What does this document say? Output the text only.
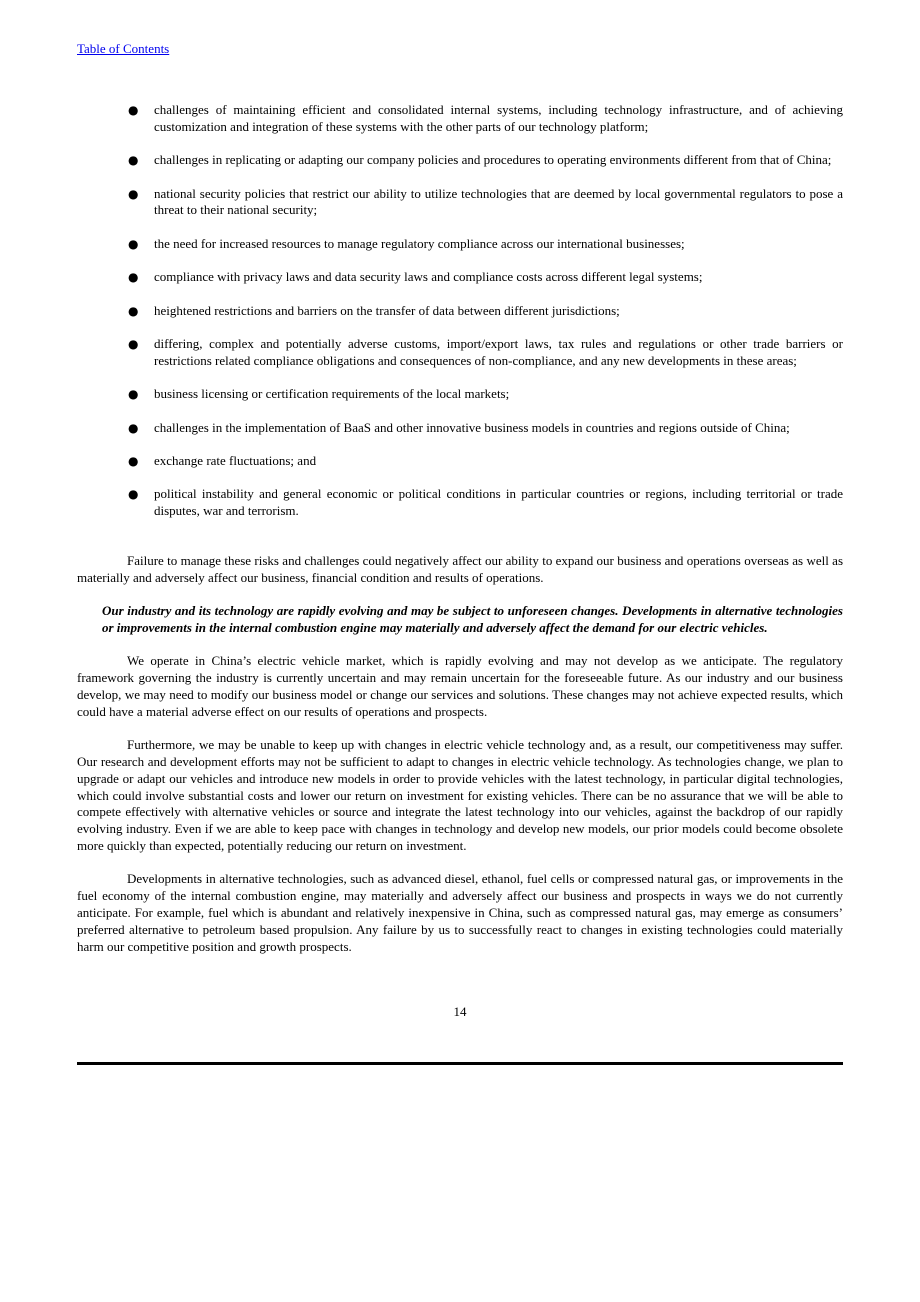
Table of Contents
● challenges of maintaining efficient and consolidated internal systems, including technology infrastructure, and of achieving customization and integration of these systems with the other parts of our technology platform;
● challenges in replicating or adapting our company policies and procedures to operating environments different from that of China;
● national security policies that restrict our ability to utilize technologies that are deemed by local governmental regulators to pose a threat to their national security;
● the need for increased resources to manage regulatory compliance across our international businesses;
● compliance with privacy laws and data security laws and compliance costs across different legal systems;
● heightened restrictions and barriers on the transfer of data between different jurisdictions;
● differing, complex and potentially adverse customs, import/export laws, tax rules and regulations or other trade barriers or restrictions related compliance obligations and consequences of non-compliance, and any new developments in these areas;
● business licensing or certification requirements of the local markets;
● challenges in the implementation of BaaS and other innovative business models in countries and regions outside of China;
● exchange rate fluctuations; and
● political instability and general economic or political conditions in particular countries or regions, including territorial or trade disputes, war and terrorism.

Failure to manage these risks and challenges could negatively affect our ability to expand our business and operations overseas as well as materially and adversely affect our business, financial condition and results of operations.

Our industry and its technology are rapidly evolving and may be subject to unforeseen changes. Developments in alternative technologies or improvements in the internal combustion engine may materially and adversely affect the demand for our electric vehicles.

We operate in China’s electric vehicle market, which is rapidly evolving and may not develop as we anticipate. The regulatory framework governing the industry is currently uncertain and may remain uncertain for the foreseeable future. As our industry and our business develop, we may need to modify our business model or change our services and solutions. These changes may not achieve expected results, which could have a material adverse effect on our results of operations and prospects.

Furthermore, we may be unable to keep up with changes in electric vehicle technology and, as a result, our competitiveness may suffer. Our research and development efforts may not be sufficient to adapt to changes in electric vehicle technology. As technologies change, we plan to upgrade or adapt our vehicles and introduce new models in order to provide vehicles with the latest technology, in particular digital technologies, which could involve substantial costs and lower our return on investment for existing vehicles. There can be no assurance that we will be able to compete effectively with alternative vehicles or source and integrate the latest technology into our vehicles, against the backdrop of our rapidly evolving industry. Even if we are able to keep pace with changes in technology and develop new models, our prior models could become obsolete more quickly than expected, potentially reducing our return on investment.

Developments in alternative technologies, such as advanced diesel, ethanol, fuel cells or compressed natural gas, or improvements in the fuel economy of the internal combustion engine, may materially and adversely affect our business and prospects in ways we do not currently anticipate. For example, fuel which is abundant and relatively inexpensive in China, such as compressed natural gas, may emerge as consumers’ preferred alternative to petroleum based propulsion. Any failure by us to successfully react to changes in existing technologies could materially harm our competitive position and growth prospects.

14
